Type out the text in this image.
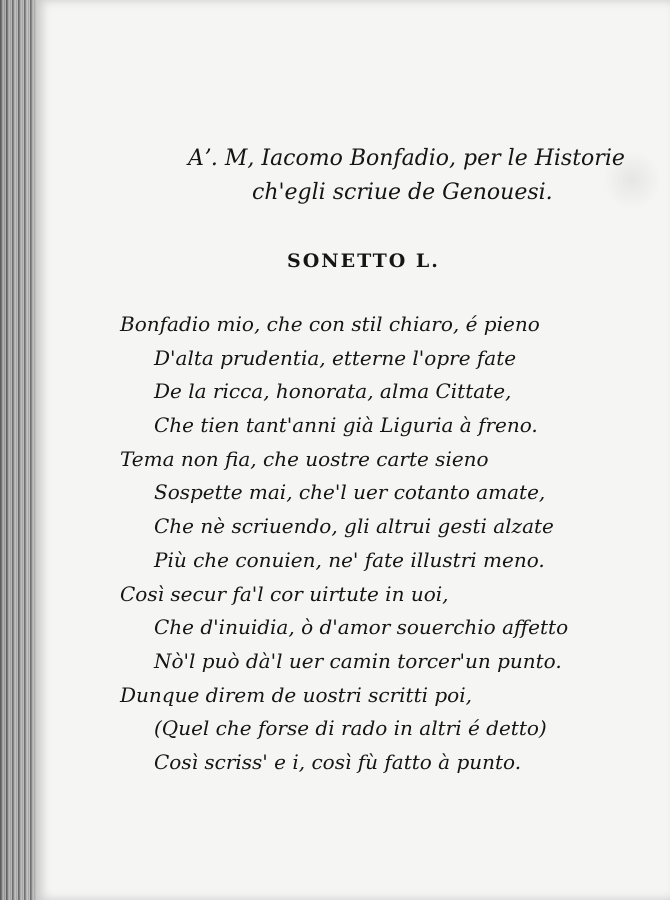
Aʼ. M, Iacomo Bonfadio, per le Historie
ch'egli scriue de Genouesi.
SONETTO L.
Bonfadio mio, che con stil chiaro, é pieno
D'alta prudentia, etterne l'opre fate
De la ricca, honorata, alma Cittate,
Che tien tant'anni già Liguria à freno.
Tema non fia, che uostre carte sieno
Sospette mai, che'l uer cotanto amate,
Che nè scriuendo, gli altrui gesti alzate
Più che conuien, ne' fate illustri meno.
Così secur fa'l cor uirtute in uoi,
Che d'inuidia, ò d'amor souerchio affetto
Nò'l può dà'l uer camin torcer'un punto.
Dunque direm de uostri scritti poi,
(Quel che forse di rado in altri é detto)
Così scriss' e i, così fù fatto à punto.
